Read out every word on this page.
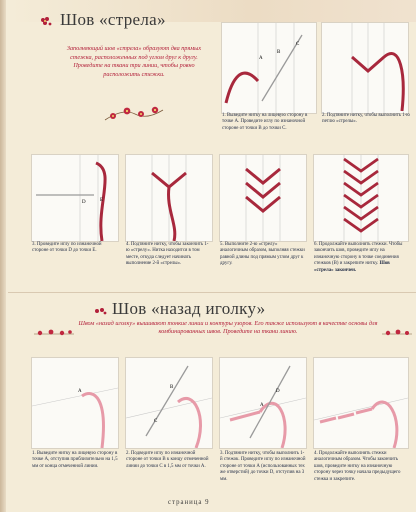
Шов «стрела»
Заполняющий шов «стрела» образуют два прямых стежка, расположенных под углом друг к другу. Проведите на ткани три линии, чтобы ровно расположить стежки.
A
B
C
1. Выведите нитку на лицевую сторону в точке А. Проведите иглу по изнаночной стороне от точки В до точки С.
2. Подтяните нитку, чтобы выполнить 1-ю петлю «стрелы».
D	E
3. Проведите иглу по изнаночной стороне от точки D до точки E.
4. Подтяните нитку, чтобы закончить 1-ю «стрелу». Нитка находится в том месте, откуда следует начинать выполнение 2-й «стрелы».
5. Выполните 2-ю «стрелу» аналогичным образом, выполняя стежки равной длины под прямым углом друг к другу.
6. Продолжайте выполнять стежки. Чтобы закончить шов, проведите иглу на изнаночную сторону в точке соединения стежков (B) и закрепите нитку. Шов «стрела» закончен.
Шов «назад иголку»
Швом «назад иголку» вышивают тонкие линии и контуры узоров. Его также используют в качестве основы для комбинированных швов. Проведите на ткани линию.
A
B
C
A
D
1. Выведите нитку на лицевую сторону в точке А, отступив приблизительно на 1,5 мм от конца отмеченной линии.
2. Подведите иглу по изнаночной стороне от точки В к концу отмеченной линии до точки С в 1,5 мм от точки А.
3. Подтяните нитку, чтобы выполнить 1-й стежок. Проведите иглу по изнаночной стороне от точки А (использованных тех же отверстий) до точки D, отступив на 3 мм.
4. Продолжайте выполнять стежки аналогичным образом. Чтобы закончить шов, проведите нитку на изнаночную сторону через точку начала предыдущего стежка и закрепите.
страница 9
